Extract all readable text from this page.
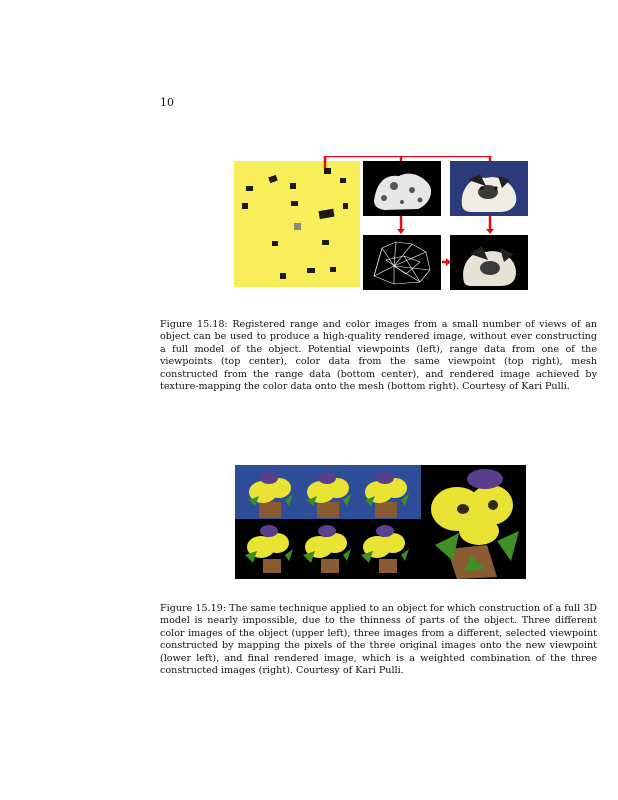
10

Figure 15.18: Registered range and color images from a small number of views of an object can be used to produce a high-quality rendered image, without ever constructing a full model of the object. Potential viewpoints (left), range data from one of the viewpoints (top center), color data from the same viewpoint (top right), mesh constructed from the range data (bottom center), and rendered image achieved by texture-mapping the color data onto the mesh (bottom right). Courtesy of Kari Pulli.

Figure 15.19: The same technique applied to an object for which construction of a full 3D model is nearly impossible, due to the thinness of parts of the object. Three different color images of the object (upper left), three images from a different, selected viewpoint constructed by mapping the pixels of the three original images onto the new viewpoint (lower left), and final rendered image, which is a weighted combination of the three constructed images (right). Courtesy of Kari Pulli.
